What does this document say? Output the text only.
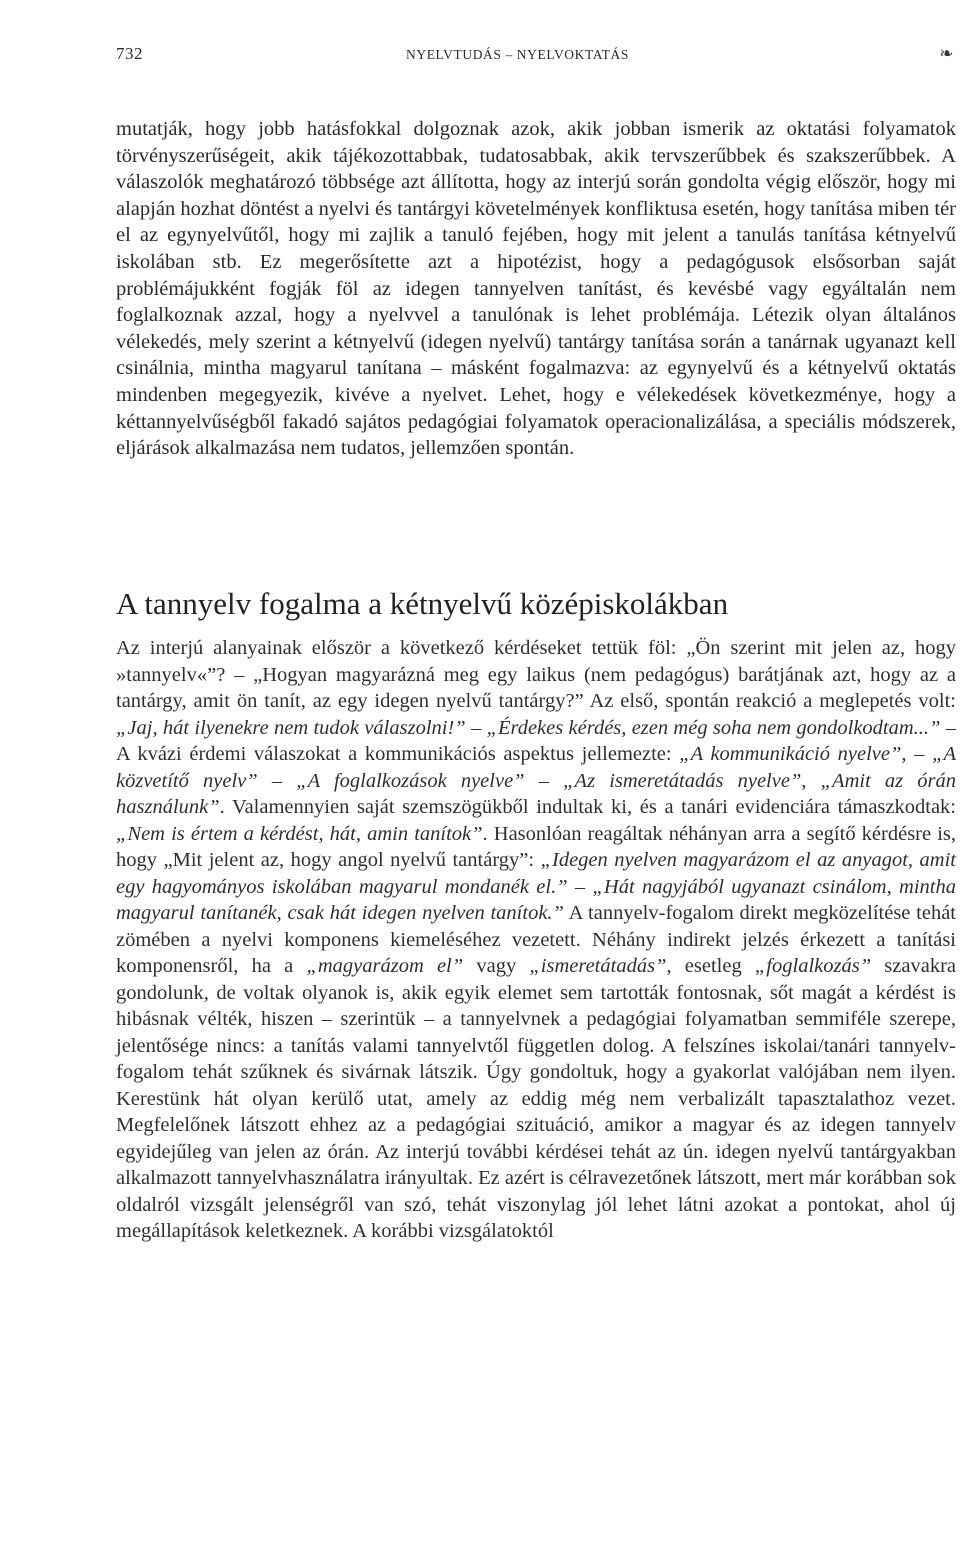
732	NYELVTUDÁS – NYELVOKTATÁS	❧

mutatják, hogy jobb hatásfokkal dolgoznak azok, akik jobban ismerik az oktatási folyamatok törvényszerűségeit, akik tájékozottabbak, tudatosabbak, akik tervszerűbbek és szakszerűbbek. A válaszolók meghatározó többsége azt állította, hogy az interjú során gondolta végig először, hogy mi alapján hozhat döntést a nyelvi és tantárgyi követelmények konfliktusa esetén, hogy tanítása miben tér el az egynyelvűtől, hogy mi zajlik a tanuló fejében, hogy mit jelent a tanulás tanítása kétnyelvű iskolában stb. Ez megerősítette azt a hipotézist, hogy a pedagógusok elsősorban saját problémájukként fogják föl az idegen tannyelven tanítást, és kevésbé vagy egyáltalán nem foglalkoznak azzal, hogy a nyelvvel a tanulónak is lehet problémája. Létezik olyan általános vélekedés, mely szerint a kétnyelvű (idegen nyelvű) tantárgy tanítása során a tanárnak ugyanazt kell csinálnia, mintha magyarul tanítana – másként fogalmazva: az egynyelvű és a kétnyelvű oktatás mindenben megegyezik, kivéve a nyelvet. Lehet, hogy e vélekedések következménye, hogy a kéttannyelvűségből fakadó sajátos pedagógiai folyamatok operacionalizálása, a speciális módszerek, eljárások alkalmazása nem tudatos, jellemzően spontán.

A tannyelv fogalma a kétnyelvű középiskolákban

Az interjú alanyainak először a következő kérdéseket tettük föl: „Ön szerint mit jelen az, hogy »tannyelv«”? – „Hogyan magyarázná meg egy laikus (nem pedagógus) barátjának azt, hogy az a tantárgy, amit ön tanít, az egy idegen nyelvű tantárgy?” Az első, spontán reakció a meglepetés volt: „Jaj, hát ilyenekre nem tudok válaszolni!” – „Érdekes kérdés, ezen még soha nem gondolkodtam...” – A kvázi érdemi válaszokat a kommunikációs aspektus jellemezte: „A kommunikáció nyelve”, – „A közvetítő nyelv” – „A foglalkozások nyelve” – „Az ismeretátadás nyelve”, „Amit az órán használunk”. Valamennyien saját szemszögükből indultak ki, és a tanári evidenciára támaszkodtak: „Nem is értem a kérdést, hát, amin tanítok”. Hasonlóan reagáltak néhányan arra a segítő kérdésre is, hogy „Mit jelent az, hogy angol nyelvű tantárgy”: „Idegen nyelven magyarázom el az anyagot, amit egy hagyományos iskolában magyarul mondanék el.” – „Hát nagyjából ugyanazt csinálom, mintha magyarul tanítanék, csak hát idegen nyelven tanítok.” A tannyelv-fogalom direkt megközelítése tehát zömében a nyelvi komponens kiemeléséhez vezetett. Néhány indirekt jelzés érkezett a tanítási komponensről, ha a „magyarázom el” vagy „ismeretátadás”, esetleg „foglalkozás” szavakra gondolunk, de voltak olyanok is, akik egyik elemet sem tartották fontosnak, sőt magát a kérdést is hibásnak vélték, hiszen – szerintük – a tannyelvnek a pedagógiai folyamatban semmiféle szerepe, jelentősége nincs: a tanítás valami tannyelvtől független dolog. A felszínes iskolai/tanári tannyelv-fogalom tehát szűknek és sivárnak látszik. Úgy gondoltuk, hogy a gyakorlat valójában nem ilyen. Kerestünk hát olyan kerülő utat, amely az eddig még nem verbalizált tapasztalathoz vezet. Megfelelőnek látszott ehhez az a pedagógiai szituáció, amikor a magyar és az idegen tannyelv egyidejűleg van jelen az órán. Az interjú további kérdései tehát az ún. idegen nyelvű tantárgyakban alkalmazott tannyelvhasználatra irányultak. Ez azért is célravezetőnek látszott, mert már korábban sok oldalról vizsgált jelenségről van szó, tehát viszonylag jól lehet látni azokat a pontokat, ahol új megállapítások keletkeznek. A korábbi vizsgálatoktól
